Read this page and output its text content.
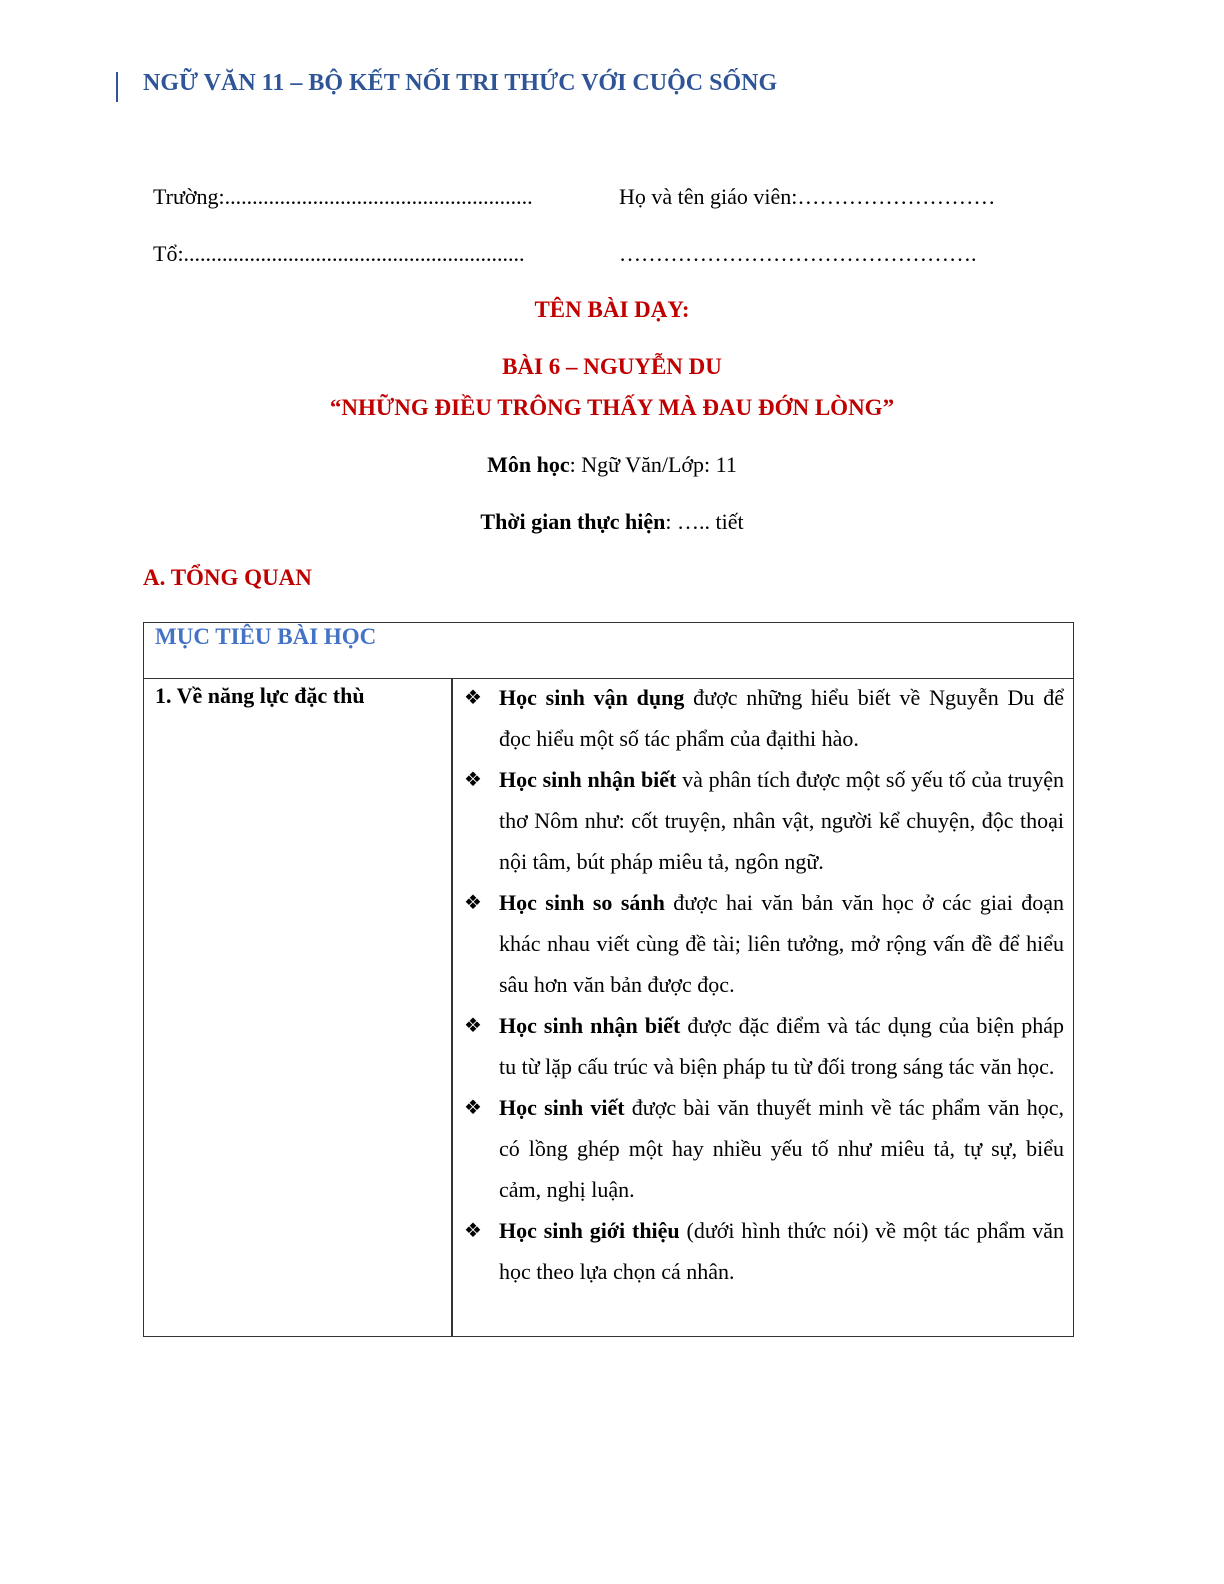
NGỮ VĂN 11 – BỘ KẾT NỐI TRI THỨC VỚI CUỘC SỐNG
Trường:........................................................	Họ và tên giáo viên:………………………
Tổ:..............................................................	………………………………………….
TÊN BÀI DẠY:
BÀI 6 – NGUYỄN DU
“NHỮNG ĐIỀU TRÔNG THẤY MÀ ĐAU ĐỚN LÒNG”
Môn học: Ngữ Văn/Lớp: 11
Thời gian thực hiện: ….. tiết
A. TỔNG QUAN
MỤC TIÊU BÀI HỌC
1. Về năng lực đặc thù	❖ Học sinh vận dụng được những hiểu biết về Nguyễn Du để đọc hiểu một số tác phẩm của đạithi hào.
❖ Học sinh nhận biết và phân tích được một số yếu tố của truyện thơ Nôm như: cốt truyện, nhân vật, người kể chuyện, độc thoại nội tâm, bút pháp miêu tả, ngôn ngữ.
❖ Học sinh so sánh được hai văn bản văn học ở các giai đoạn khác nhau viết cùng đề tài; liên tưởng, mở rộng vấn đề để hiểu sâu hơn văn bản được đọc.
❖ Học sinh nhận biết được đặc điểm và tác dụng của biện pháp tu từ lặp cấu trúc và biện pháp tu từ đối trong sáng tác văn học.
❖ Học sinh viết được bài văn thuyết minh về tác phẩm văn học, có lồng ghép một hay nhiều yếu tố như miêu tả, tự sự, biểu cảm, nghị luận.
❖ Học sinh giới thiệu (dưới hình thức nói) về một tác phẩm văn học theo lựa chọn cá nhân.
